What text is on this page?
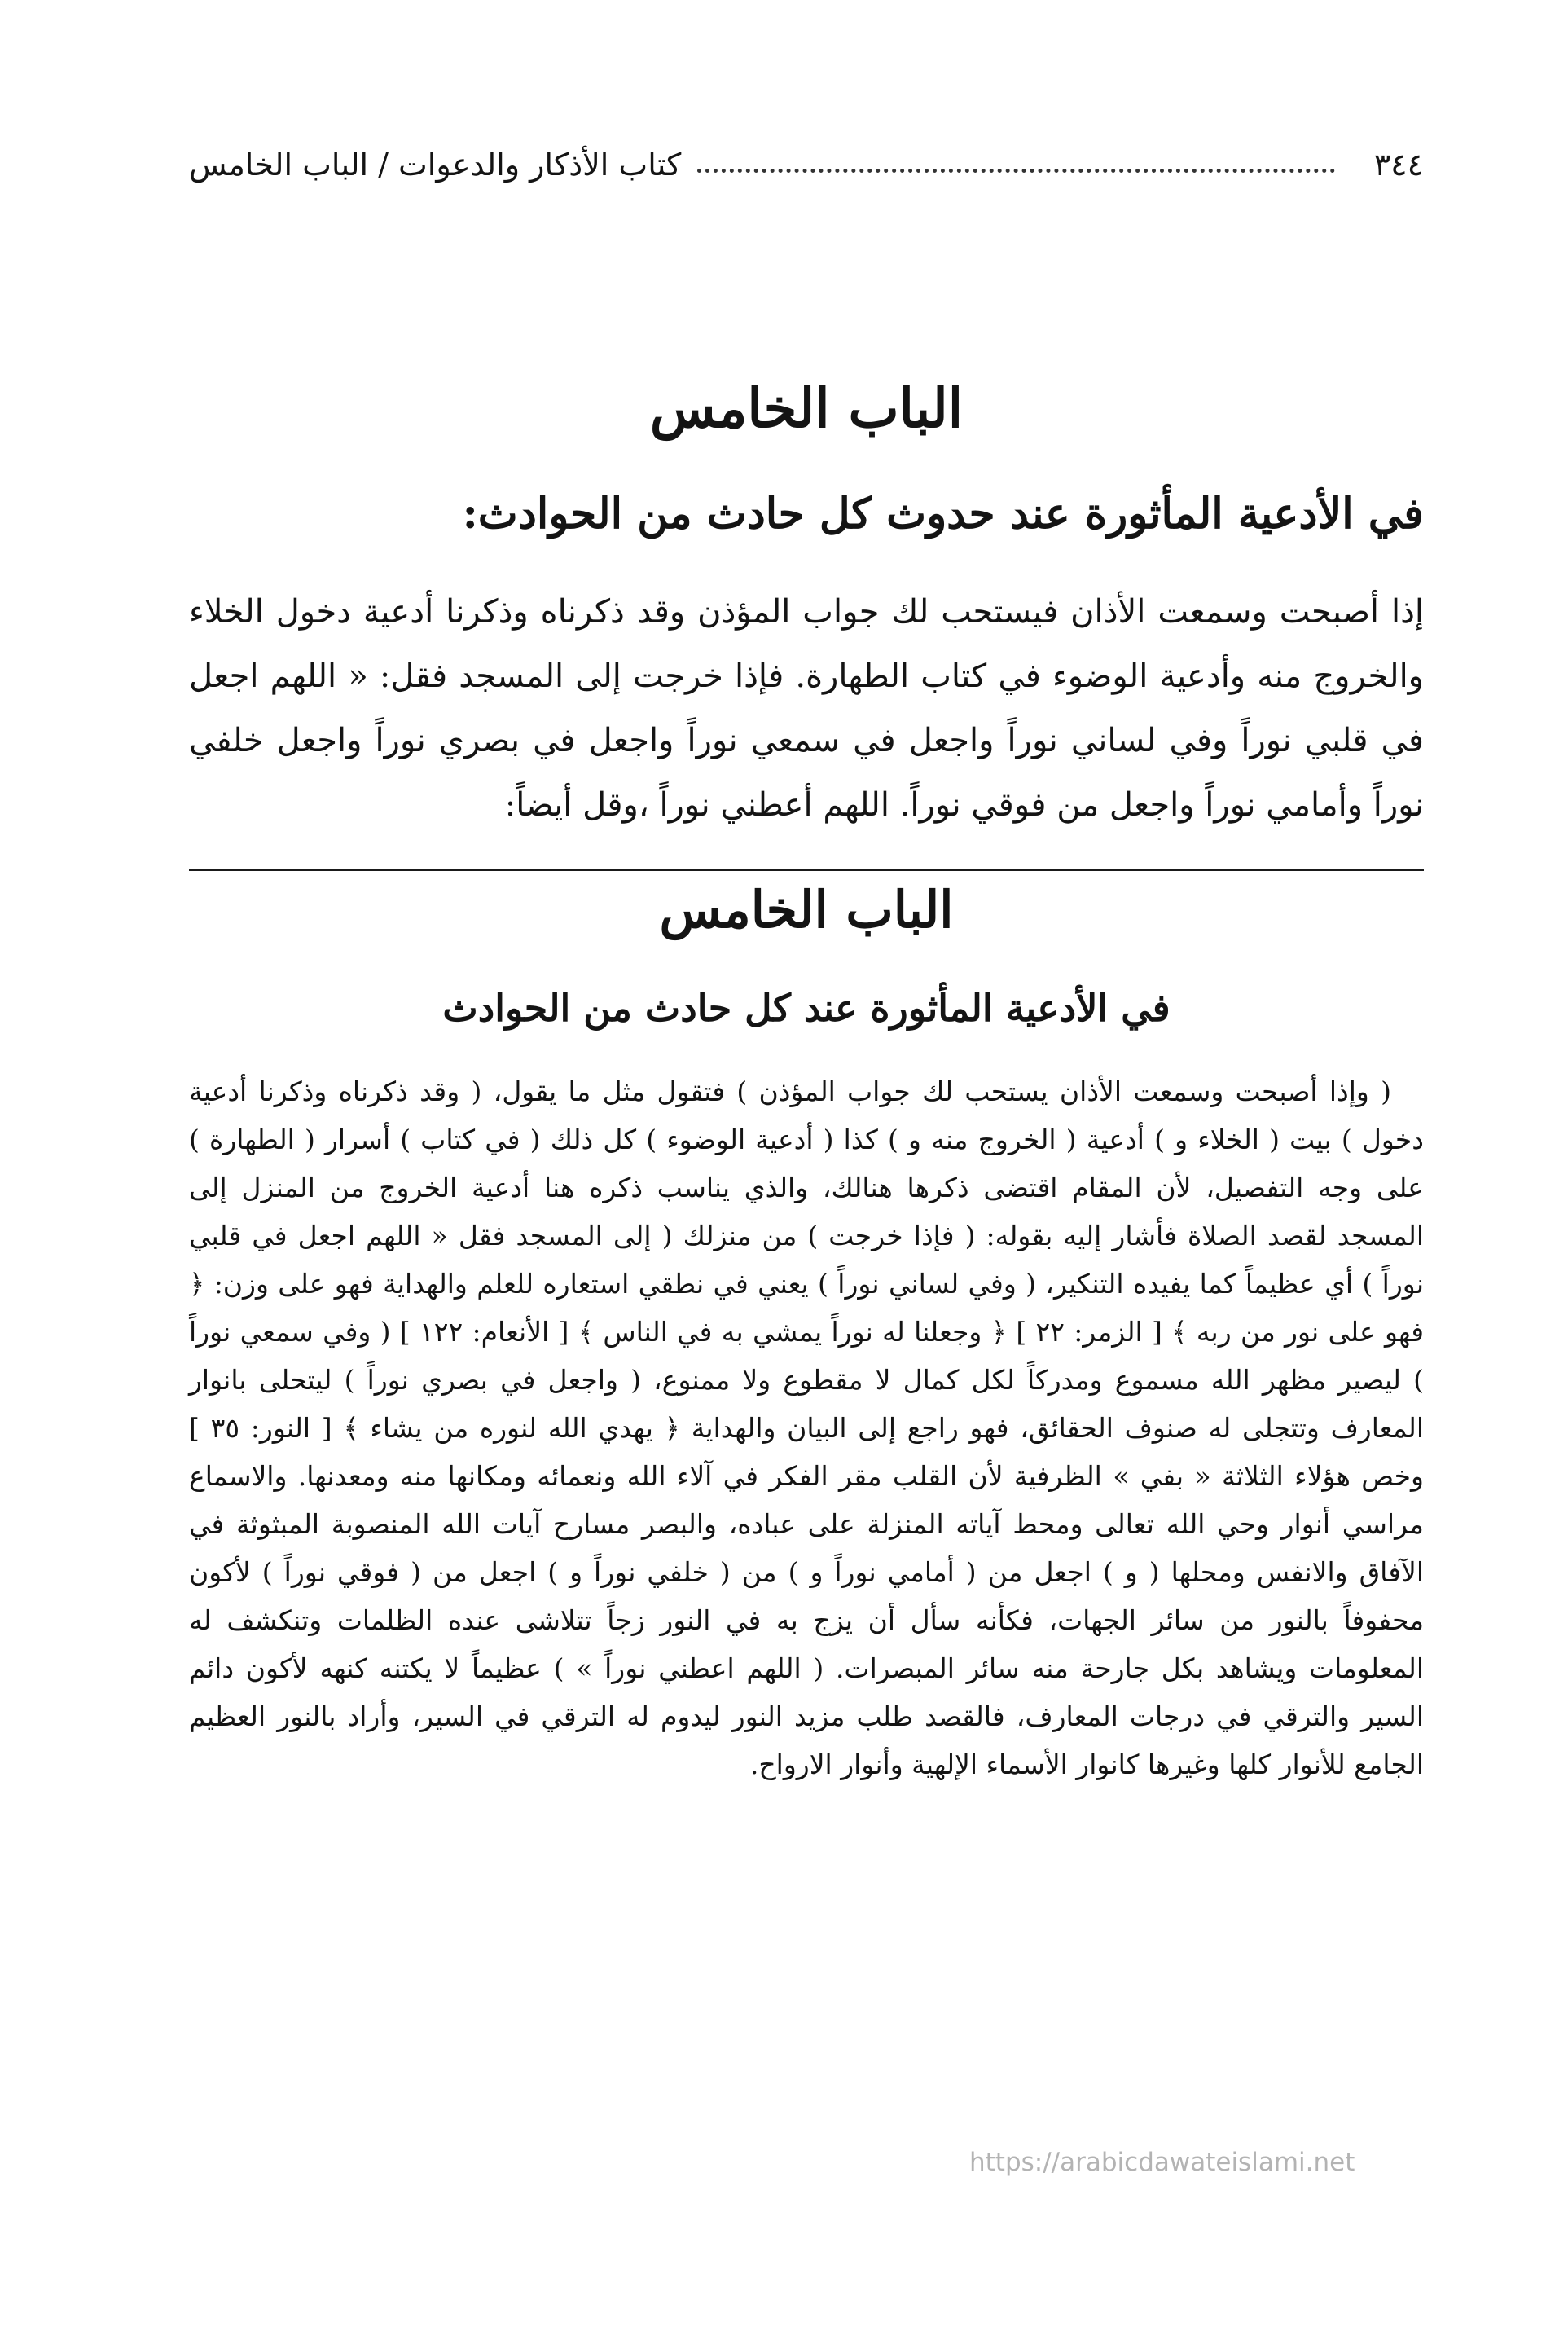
٣٤٤
كتاب الأذكار والدعوات / الباب الخامس
الباب الخامس
في الأدعية المأثورة عند حدوث كل حادث من الحوادث:
إذا أصبحت وسمعت الأذان فيستحب لك جواب المؤذن وقد ذكرناه وذكرنا أدعية دخول الخلاء والخروج منه وأدعية الوضوء في كتاب الطهارة. فإذا خرجت إلى المسجد فقل: « اللهم اجعل في قلبي نوراً وفي لساني نوراً واجعل في سمعي نوراً واجعل في بصري نوراً واجعل خلفي نوراً وأمامي نوراً واجعل من فوقي نوراً. اللهم أعطني نوراً ،وقل أيضاً:
الباب الخامس
في الأدعية المأثورة عند كل حادث من الحوادث

( وإذا أصبحت وسمعت الأذان يستحب لك جواب المؤذن ) فتقول مثل ما يقول، ( وقد ذكرناه وذكرنا أدعية دخول ) بيت ( الخلاء و ) أدعية ( الخروج منه و ) كذا ( أدعية الوضوء ) كل ذلك ( في كتاب ) أسرار ( الطهارة ) على وجه التفصيل، لأن المقام اقتضى ذكرها هنالك، والذي يناسب ذكره هنا أدعية الخروج من المنزل إلى المسجد لقصد الصلاة فأشار إليه بقوله: ( فإذا خرجت ) من منزلك ( إلى المسجد فقل « اللهم اجعل في قلبي نوراً ) أي عظيماً كما يفيده التنكير، ( وفي لساني نوراً ) يعني في نطقي استعاره للعلم والهداية فهو على وزن: ﴿ فهو على نور من ربه ﴾ [ الزمر: ٢٢ ] ﴿ وجعلنا له نوراً يمشي به في الناس ﴾ [ الأنعام: ١٢٢ ] ( وفي سمعي نوراً ) ليصير مظهر الله مسموع ومدركاً لكل كمال لا مقطوع ولا ممنوع، ( واجعل في بصري نوراً ) ليتحلى بانوار المعارف وتتجلى له صنوف الحقائق، فهو راجع إلى البيان والهداية ﴿ يهدي الله لنوره من يشاء ﴾ [ النور: ٣٥ ] وخص هؤلاء الثلاثة « بفي » الظرفية لأن القلب مقر الفكر في آلاء الله ونعمائه ومكانها منه ومعدنها. والاسماع مراسي أنوار وحي الله تعالى ومحط آياته المنزلة على عباده، والبصر مسارح آيات الله المنصوبة المبثوثة في الآفاق والانفس ومحلها ( و ) اجعل من ( أمامي نوراً و ) من ( خلفي نوراً و ) اجعل من ( فوقي نوراً ) لأكون محفوفاً بالنور من سائر الجهات، فكأنه سأل أن يزج به في النور زجاً تتلاشى عنده الظلمات وتنكشف له المعلومات ويشاهد بكل جارحة منه سائر المبصرات. ( اللهم اعطني نوراً » ) عظيماً لا يكتنه كنهه لأكون دائم السير والترقي في درجات المعارف، فالقصد طلب مزيد النور ليدوم له الترقي في السير، وأراد بالنور العظيم الجامع للأنوار كلها وغيرها كانوار الأسماء الإلهية وأنوار الارواح.

https://arabicdawateislami.net
